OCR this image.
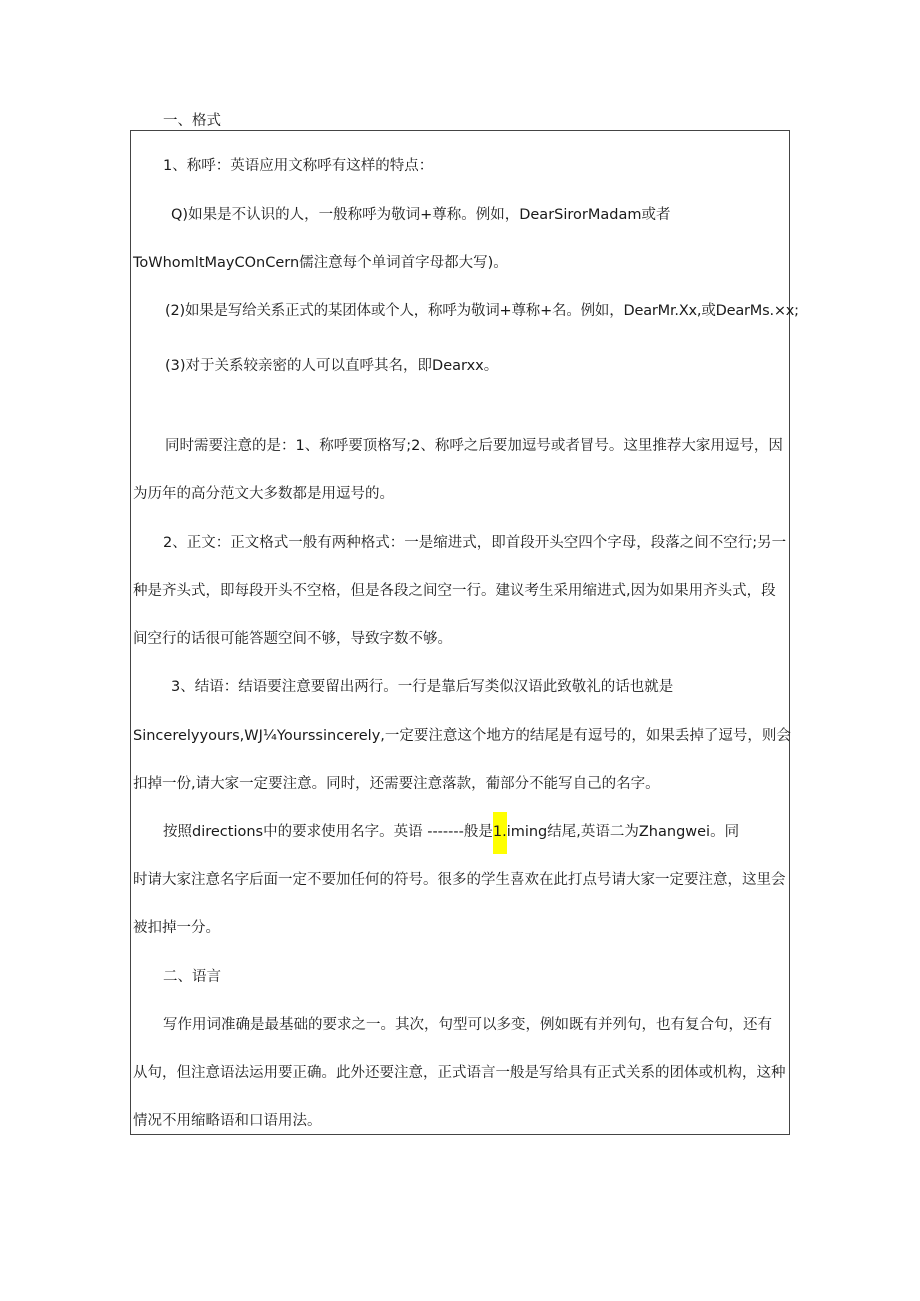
一、格式
1、称呼：英语应用文称呼有这样的特点：
Q)如果是不认识的人，一般称呼为敬词+尊称。例如，DearSirorMadam或者
ToWhomltMayCOnCern儒注意每个单词首字母都大写)。
(2)如果是写给关系正式的某团体或个人，称呼为敬词+尊称+名。例如，DearMr.Xx,或DearMs.×x;
(3)对于关系较亲密的人可以直呼其名，即Dearxx。
同时需要注意的是：1、称呼要顶格写;2、称呼之后要加逗号或者冒号。这里推荐大家用逗号，因
为历年的高分范文大多数都是用逗号的。
2、正文：正文格式一般有两种格式：一是缩进式，即首段开头空四个字母，段落之间不空行;另一
种是齐头式，即每段开头不空格，但是各段之间空一行。建议考生采用缩进式,因为如果用齐头式，段
间空行的话很可能答题空间不够，导致字数不够。
3、结语：结语要注意要留出两行。一行是靠后写类似汉语此致敬礼的话也就是
Sincerelyyours,WJ¼Yourssincerely,一定要注意这个地方的结尾是有逗号的，如果丢掉了逗号，则会
扣掉一份,请大家一定要注意。同时，还需要注意落款，葡部分不能写自己的名字。
按照directions中的要求使用名字。英语 -------般是1.iming结尾,英语二为Zhangwei。同
时请大家注意名字后面一定不要加任何的符号。很多的学生喜欢在此打点号请大家一定要注意，这里会
被扣掉一分。
二、语言
写作用词准确是最基础的要求之一。其次，句型可以多变，例如既有并列句，也有复合句，还有
从句，但注意语法运用要正确。此外还要注意，正式语言一般是写给具有正式关系的团体或机构，这种
情况不用缩略语和口语用法。
